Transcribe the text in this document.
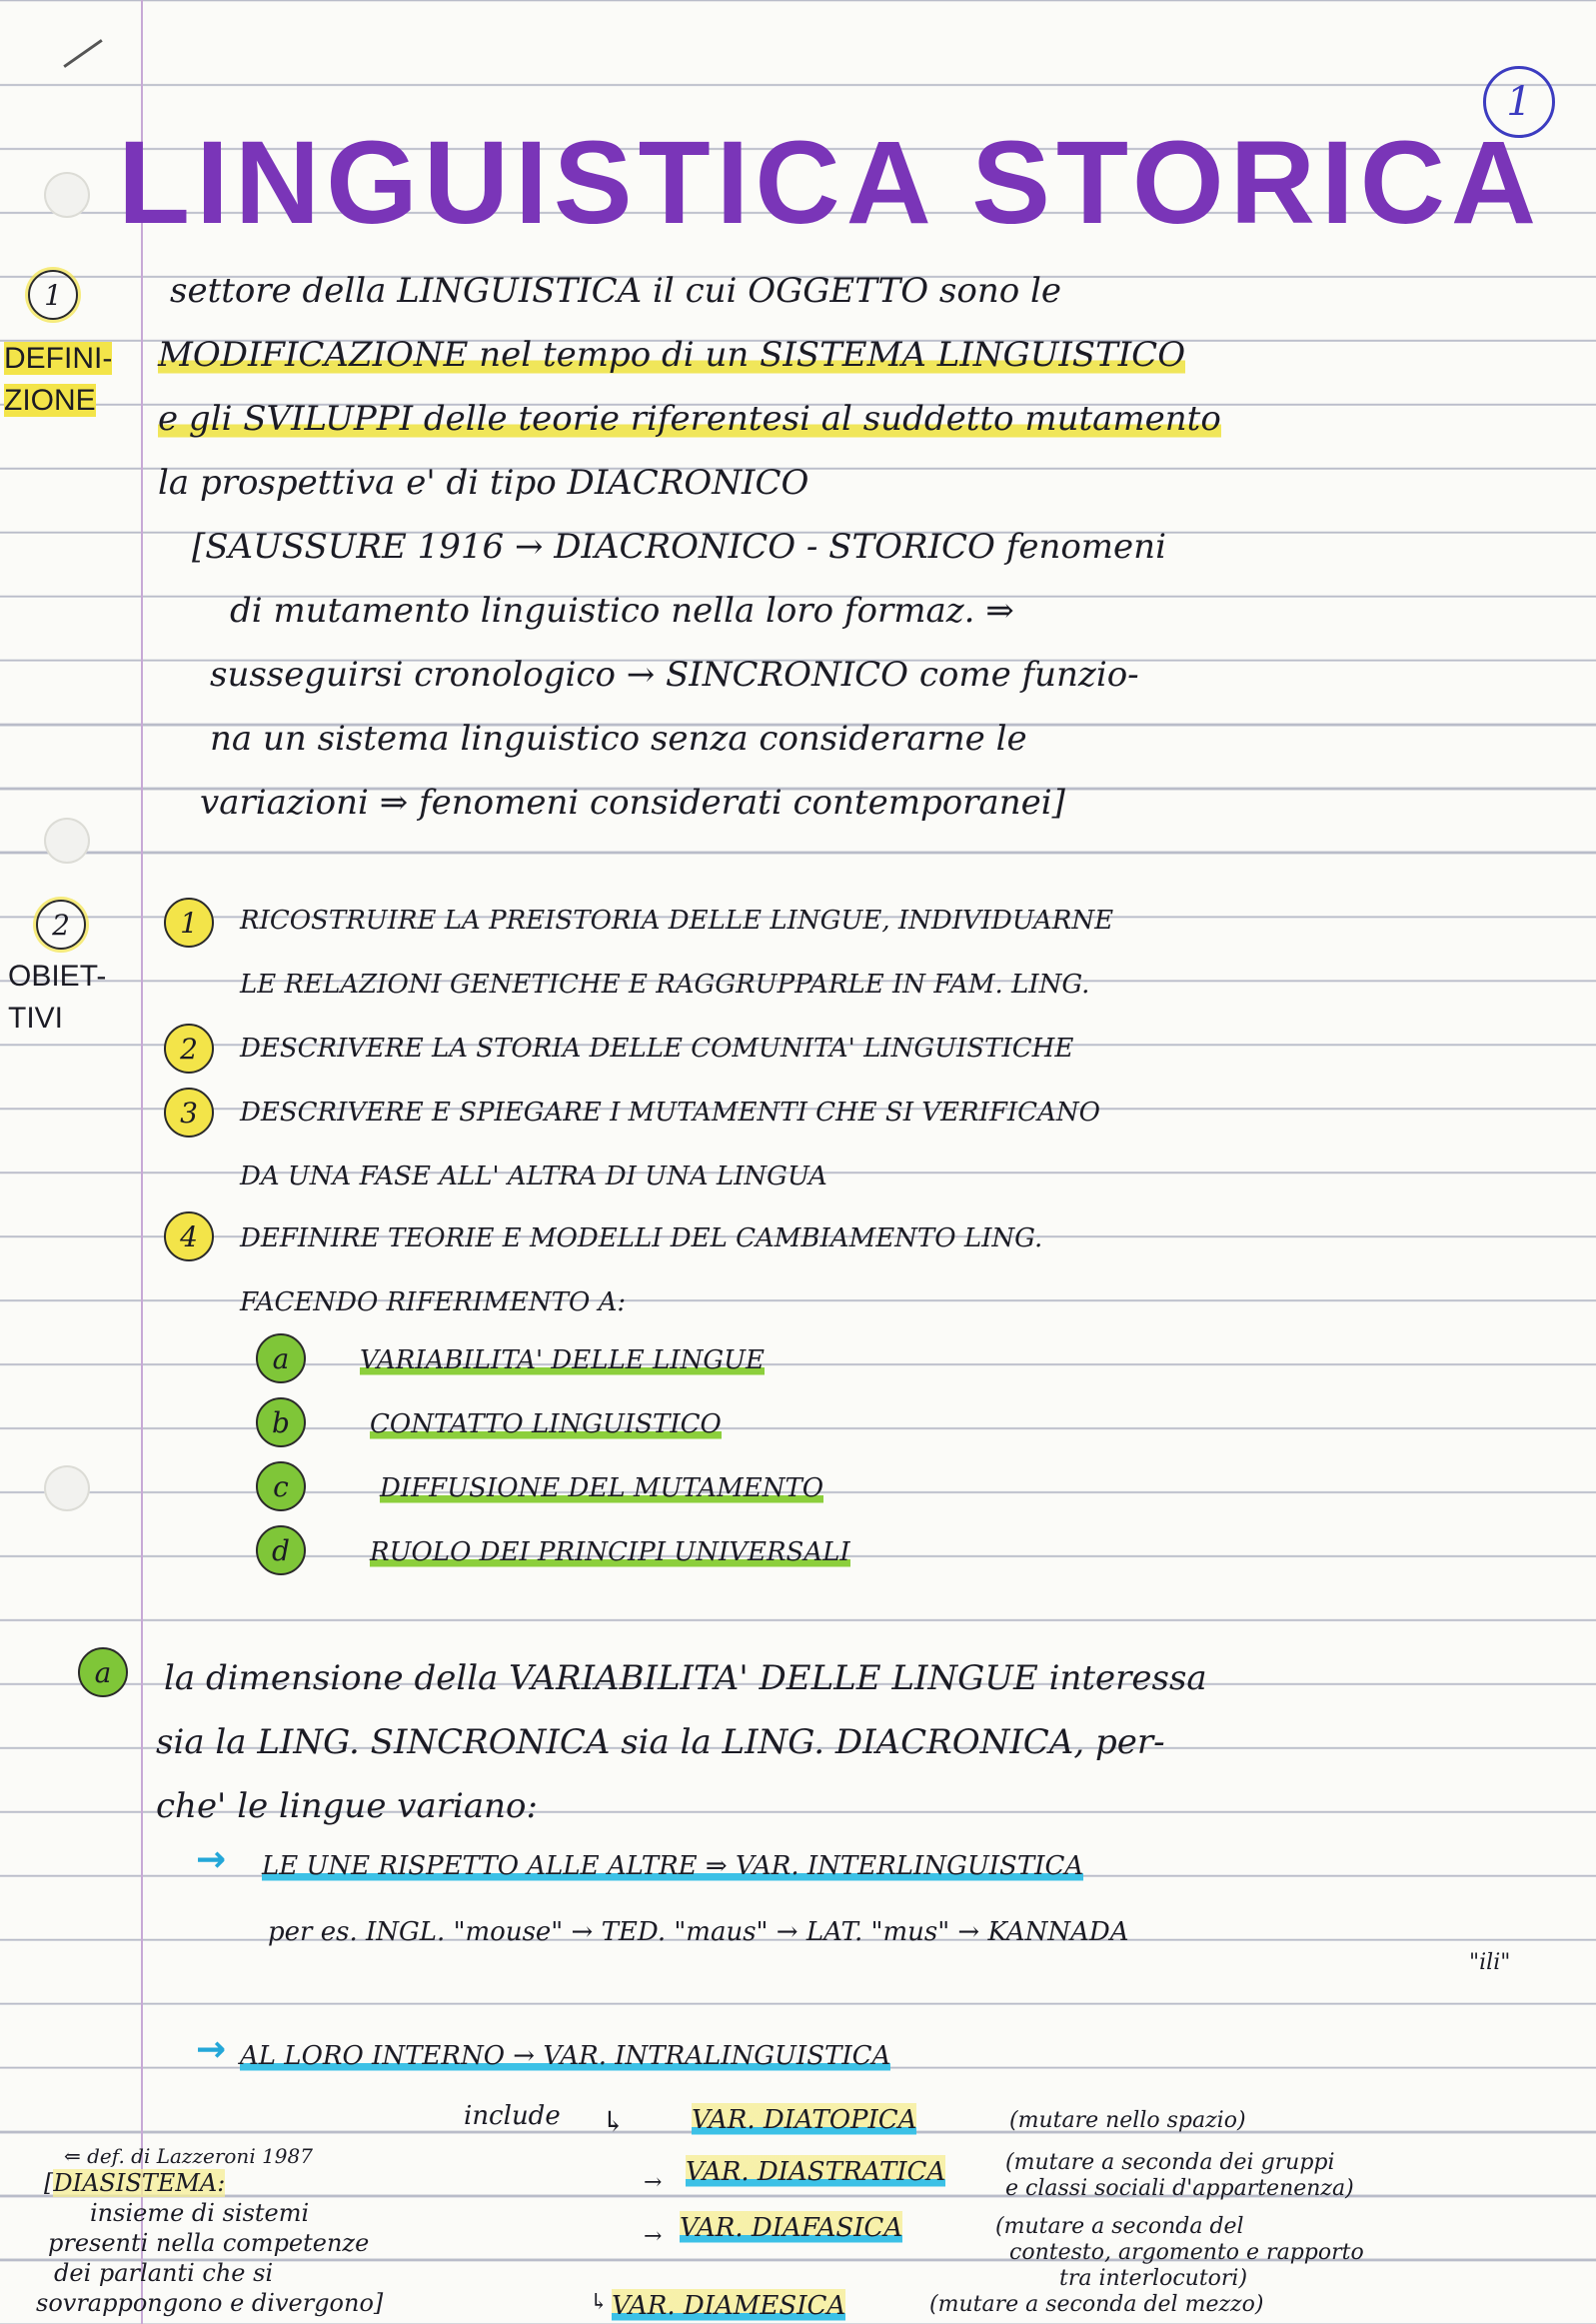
1
LINGUISTICA STORICA
1
DEFINI-
ZIONE
settore della LINGUISTICA il cui OGGETTO sono le
MODIFICAZIONE nel tempo di un SISTEMA LINGUISTICO
e gli SVILUPPI delle teorie riferentesi al suddetto mutamento
la prospettiva e' di tipo DIACRONICO
[SAUSSURE 1916 → DIACRONICO - STORICO fenomeni
di mutamento linguistico nella loro formaz. ⇒
susseguirsi cronologico → SINCRONICO come funzio-
na un sistema linguistico senza considerarne le
variazioni ⇒ fenomeni considerati contemporanei]
2
OBIET-
TIVI
1	RICOSTRUIRE LA PREISTORIA DELLE LINGUE, INDIVIDUARNE
LE RELAZIONI GENETICHE E RAGGRUPPARLE IN FAM. LING.
2	DESCRIVERE LA STORIA DELLE COMUNITA' LINGUISTICHE
3	DESCRIVERE E SPIEGARE I MUTAMENTI CHE SI VERIFICANO
DA UNA FASE ALL' ALTRA DI UNA LINGUA
4	DEFINIRE TEORIE E MODELLI DEL CAMBIAMENTO LING.
FACENDO RIFERIMENTO A:
a	VARIABILITA' DELLE LINGUE
b	CONTATTO LINGUISTICO
c	DIFFUSIONE DEL MUTAMENTO
d	RUOLO DEI PRINCIPI UNIVERSALI
a	la dimensione della VARIABILITA' DELLE LINGUE interessa
sia la LING. SINCRONICA sia la LING. DIACRONICA, per-
che' le lingue variano:
→ LE UNE RISPETTO ALLE ALTRE ⇒ VAR. INTERLINGUISTICA
per es. INGL. "mouse" → TED. "maus" → LAT. "mus" → KANNADA
"ili"
→ AL LORO INTERNO → VAR. INTRALINGUISTICA
include ↳
→
→
↳
VAR. DIATOPICA	(mutare nello spazio)
VAR. DIASTRATICA	(mutare a seconda dei gruppi
e classi sociali d'appartenenza)
VAR. DIAFASICA	(mutare a seconda del
contesto, argomento e rapporto
tra interlocutori)
VAR. DIAMESICA	(mutare a seconda del mezzo)
⇐ def. di Lazzeroni 1987
[DIASISTEMA:
insieme di sistemi
presenti nella competenze
dei parlanti che si
sovrappongono e divergono]
